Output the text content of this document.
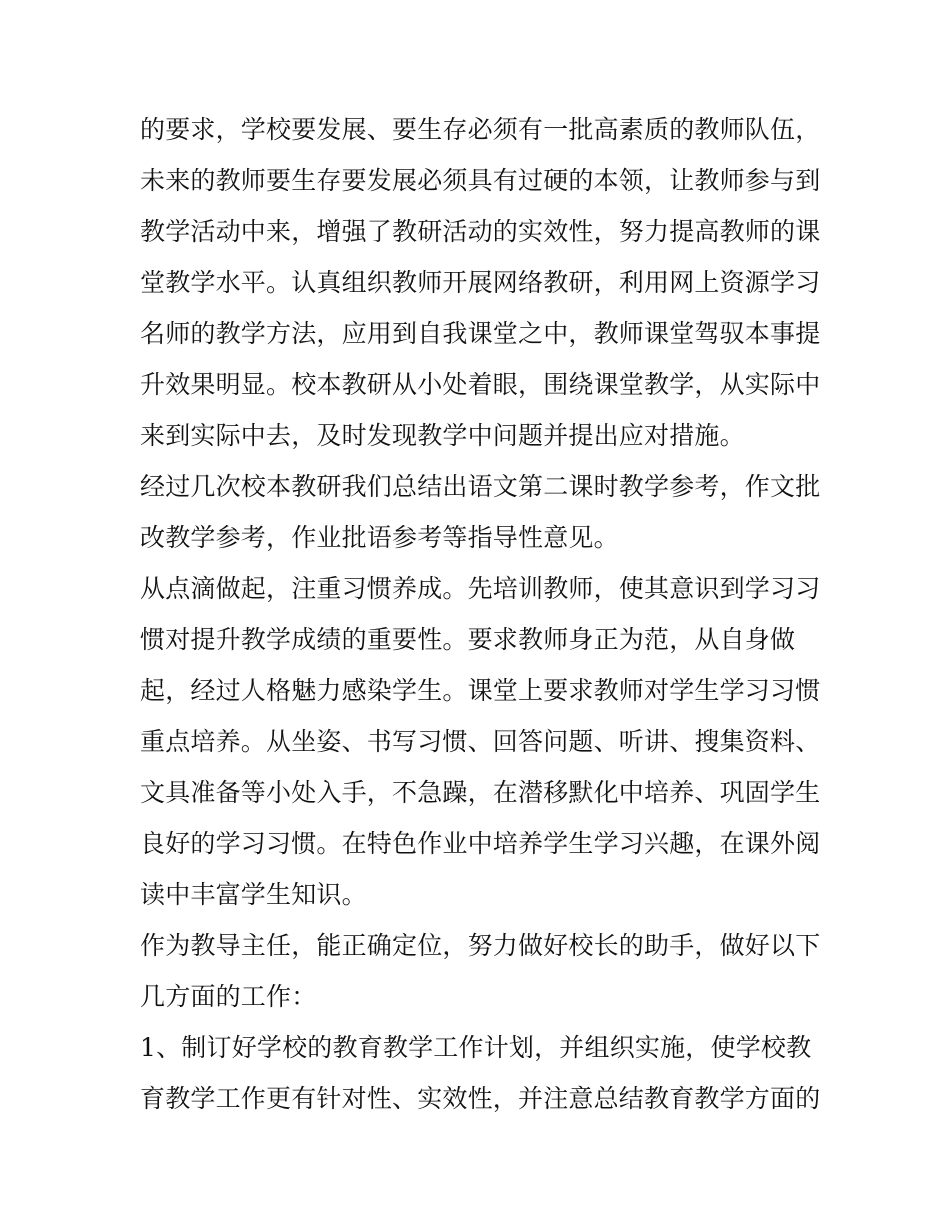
的要求，学校要发展、要生存必须有一批高素质的教师队伍，
未来的教师要生存要发展必须具有过硬的本领，让教师参与到
教学活动中来，增强了教研活动的实效性，努力提高教师的课
堂教学水平。认真组织教师开展网络教研，利用网上资源学习
名师的教学方法，应用到自我课堂之中，教师课堂驾驭本事提
升效果明显。校本教研从小处着眼，围绕课堂教学，从实际中
来到实际中去，及时发现教学中问题并提出应对措施。

经过几次校本教研我们总结出语文第二课时教学参考，作文批
改教学参考，作业批语参考等指导性意见。

从点滴做起，注重习惯养成。先培训教师，使其意识到学习习
惯对提升教学成绩的重要性。要求教师身正为范，从自身做
起，经过人格魅力感染学生。课堂上要求教师对学生学习习惯
重点培养。从坐姿、书写习惯、回答问题、听讲、搜集资料、
文具准备等小处入手，不急躁，在潜移默化中培养、巩固学生
良好的学习习惯。在特色作业中培养学生学习兴趣，在课外阅
读中丰富学生知识。

作为教导主任，能正确定位，努力做好校长的助手，做好以下
几方面的工作：

1、制订好学校的教育教学工作计划，并组织实施，使学校教
育教学工作更有针对性、实效性，并注意总结教育教学方面的
